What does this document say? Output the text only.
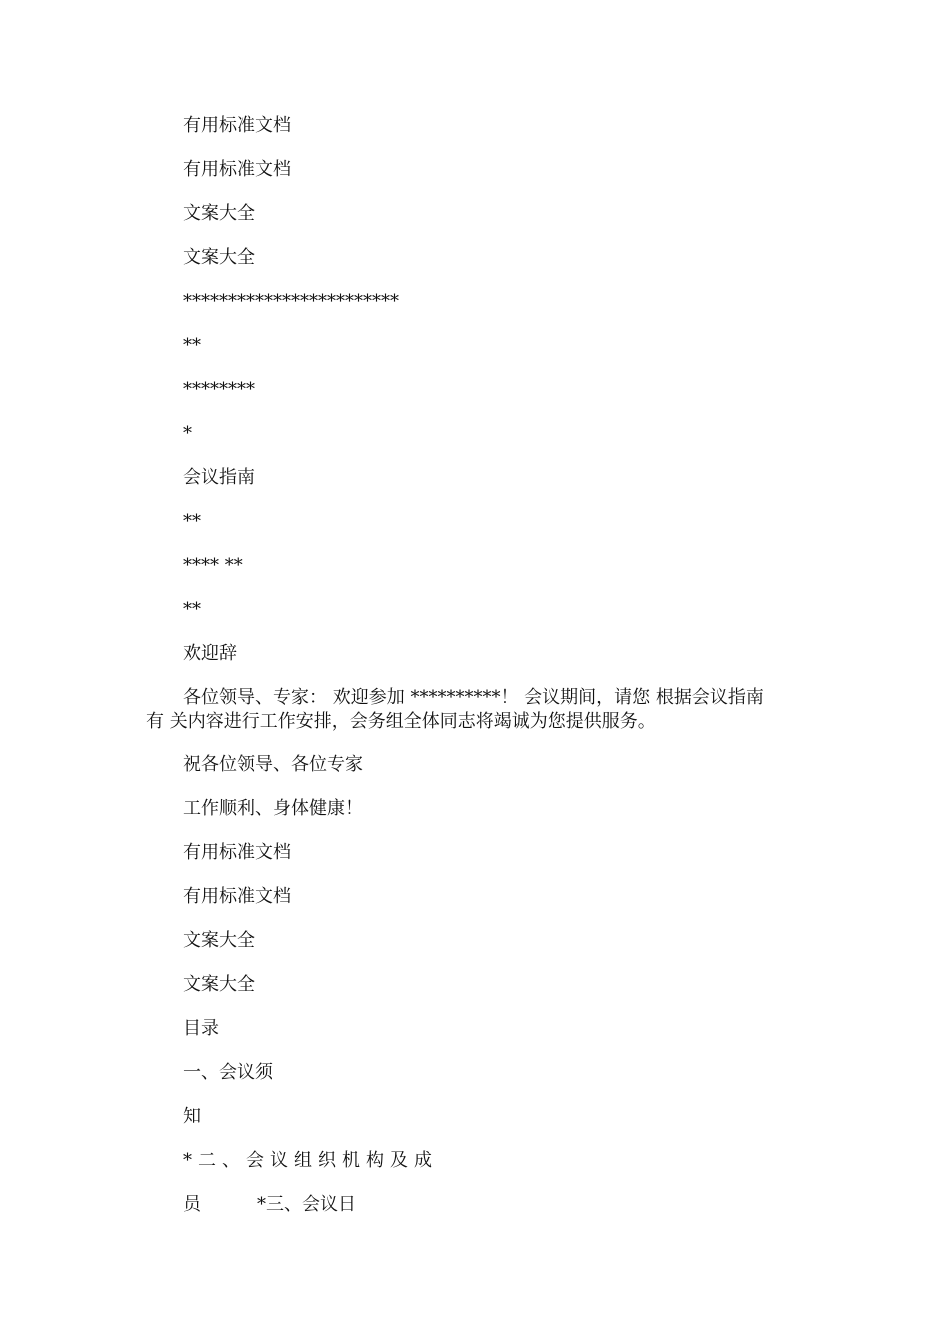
有用标准文档
有用标准文档
文案大全
文案大全
************************
**
********
*
会议指南
**
**** **
**
欢迎辞
各位领导、专家： 欢迎参加 **********！ 会议期间，请您 根据会议指南
有 关内容进行工作安排，会务组全体同志将竭诚为您提供服务。
祝各位领导、各位专家
工作顺利、身体健康！
有用标准文档
有用标准文档
文案大全
文案大全
目录
一、会议须
知
*二、会议组织机构及成
员	*三、会议日
